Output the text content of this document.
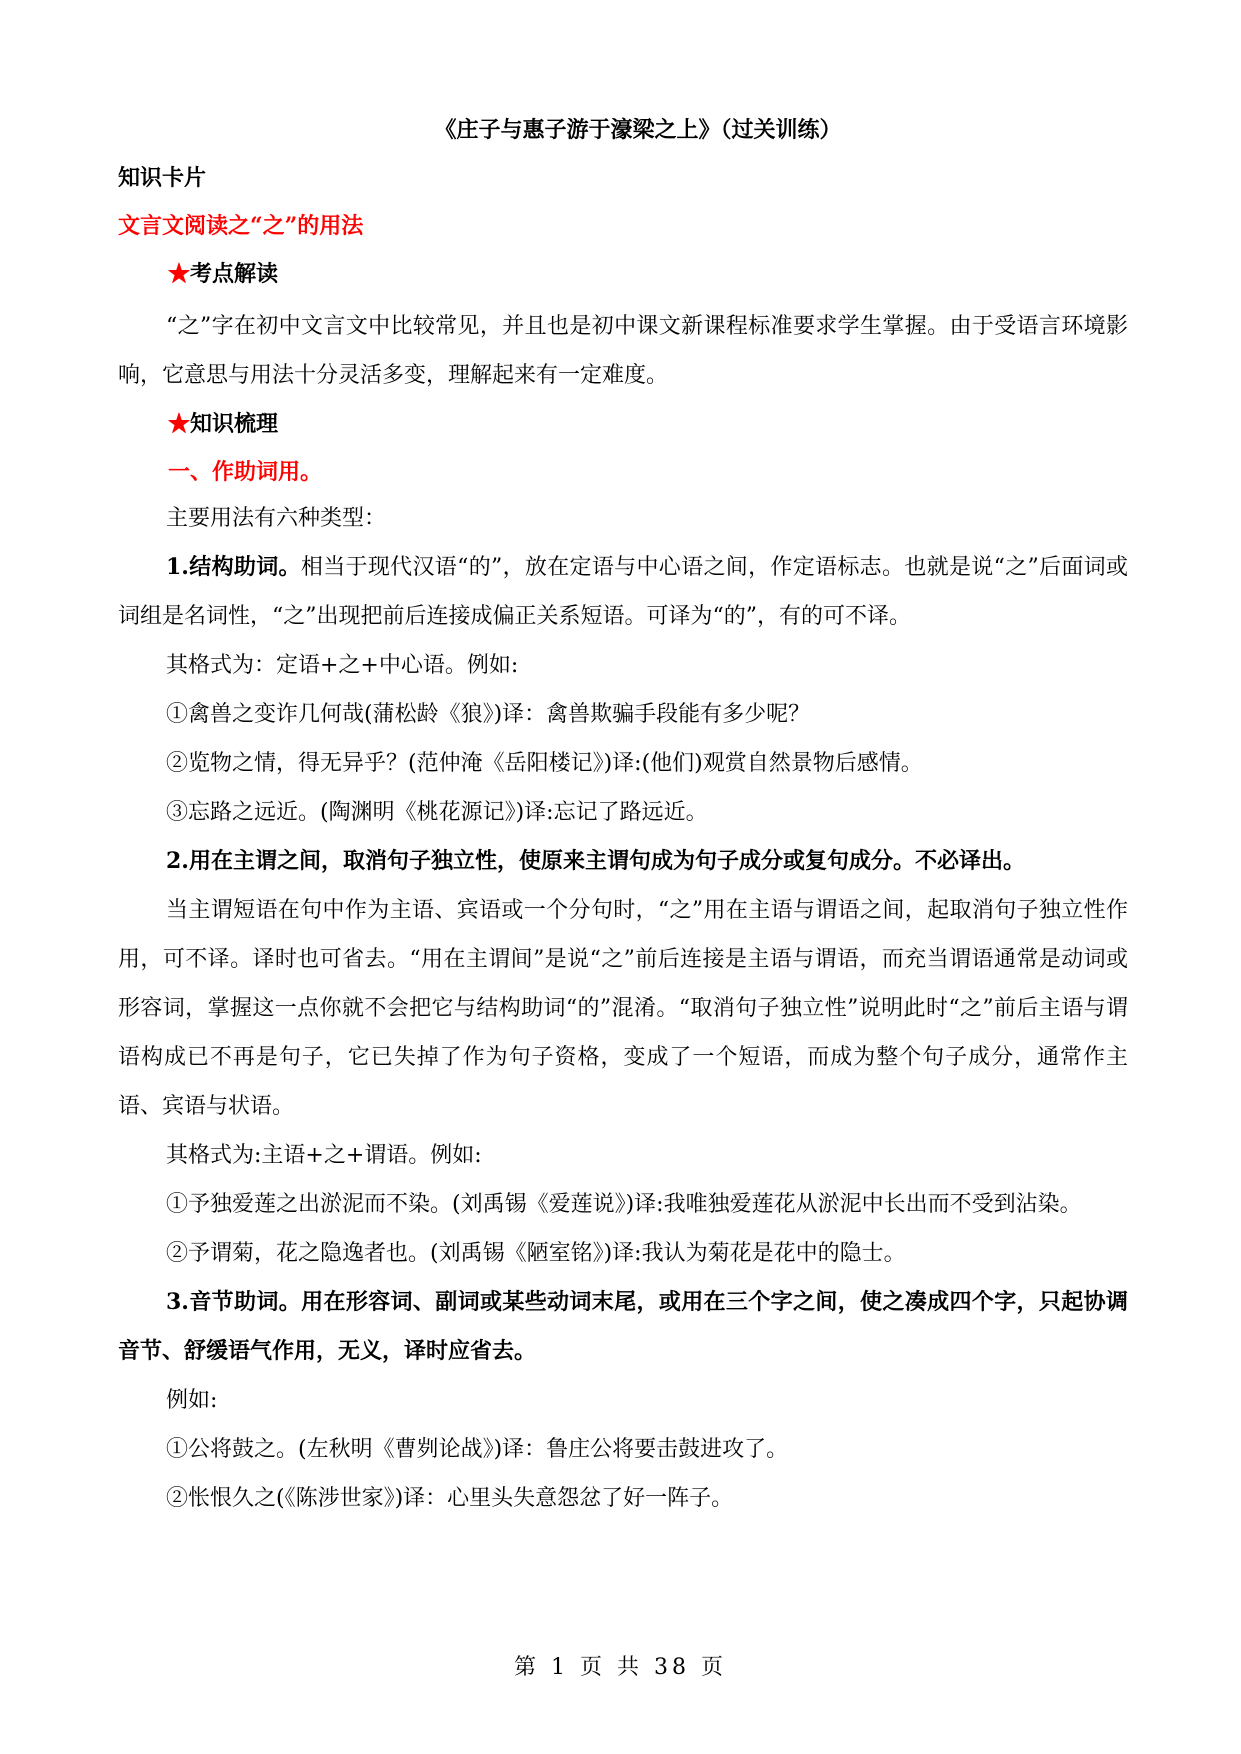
《庄子与惠子游于濠梁之上》（过关训练）
知识卡片
文言文阅读之“之”的用法
★考点解读

“之”字在初中文言文中比较常见，并且也是初中课文新课程标准要求学生掌握。由于受语言环境影响，它意思与用法十分灵活多变，理解起来有一定难度。

★知识梳理
一、作助词用。

主要用法有六种类型：

1.结构助词。相当于现代汉语“的”，放在定语与中心语之间，作定语标志。也就是说“之”后面词或词组是名词性，“之”出现把前后连接成偏正关系短语。可译为“的”，有的可不译。

其格式为：定语+之+中心语。例如:

①禽兽之变诈几何哉(蒲松龄《狼》)译：禽兽欺骗手段能有多少呢？

②览物之情，得无异乎？(范仲淹《岳阳楼记》)译:(他们)观赏自然景物后感情。

③忘路之远近。(陶渊明《桃花源记》)译:忘记了路远近。

2.用在主谓之间，取消句子独立性，使原来主谓句成为句子成分或复句成分。不必译出。

当主谓短语在句中作为主语、宾语或一个分句时，“之”用在主语与谓语之间，起取消句子独立性作用，可不译。译时也可省去。“用在主谓间”是说“之”前后连接是主语与谓语，而充当谓语通常是动词或形容词，掌握这一点你就不会把它与结构助词“的”混淆。“取消句子独立性”说明此时“之”前后主语与谓语构成已不再是句子，它已失掉了作为句子资格，变成了一个短语，而成为整个句子成分，通常作主语、宾语与状语。

其格式为:主语+之+谓语。例如:

①予独爱莲之出淤泥而不染。(刘禹锡《爱莲说》)译:我唯独爱莲花从淤泥中长出而不受到沾染。

②予谓菊，花之隐逸者也。(刘禹锡《陋室铭》)译:我认为菊花是花中的隐士。

3.音节助词。用在形容词、副词或某些动词末尾，或用在三个字之间，使之凑成四个字，只起协调音节、舒缓语气作用，无义，译时应省去。

例如:

①公将鼓之。(左秋明《曹刿论战》)译：鲁庄公将要击鼓进攻了。

②怅恨久之(《陈涉世家》)译：心里头失意怨忿了好一阵子。

第 1 页 共 38 页
